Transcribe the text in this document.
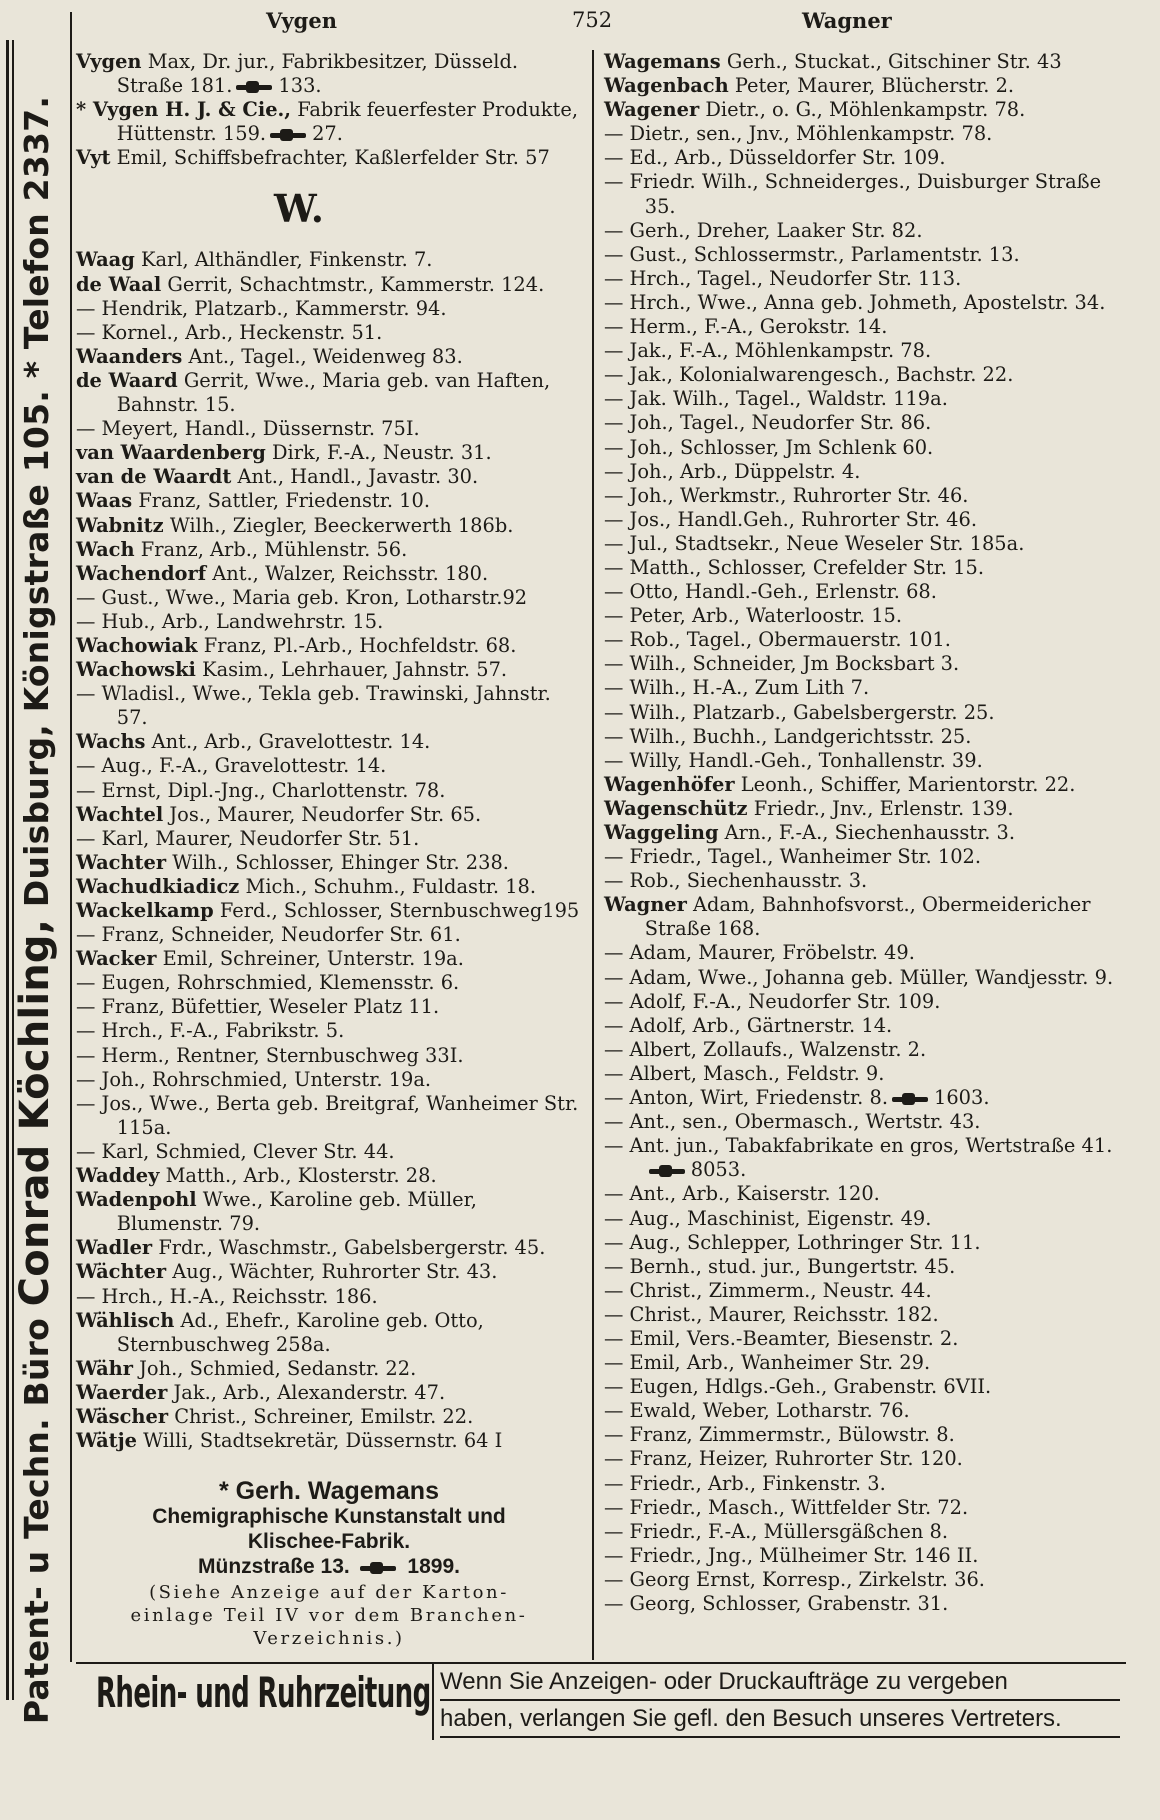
Patent- u Techn. Büro Conrad Köchling, Duisburg, Königstraße 105. * Telefon 2337.
Vygen	752	Wagner
Vygen Max, Dr. jur., Fabrikbesitzer, Düsseld. Straße 181. 133.
* Vygen H. J. & Cie., Fabrik feuerfester Produkte, Hüttenstr. 159. 27.
Vyt Emil, Schiffsbefrachter, Kaßlerfelder Str. 57
W.
Waag Karl, Althändler, Finkenstr. 7.
de Waal Gerrit, Schachtmstr., Kammerstr. 124.
— Hendrik, Platzarb., Kammerstr. 94.
— Kornel., Arb., Heckenstr. 51.
Waanders Ant., Tagel., Weidenweg 83.
de Waard Gerrit, Wwe., Maria geb. van Haften, Bahnstr. 15.
— Meyert, Handl., Düssernstr. 75I.
van Waardenberg Dirk, F.-A., Neustr. 31.
van de Waardt Ant., Handl., Javastr. 30.
Waas Franz, Sattler, Friedenstr. 10.
Wabnitz Wilh., Ziegler, Beeckerwerth 186b.
Wach Franz, Arb., Mühlenstr. 56.
Wachendorf Ant., Walzer, Reichsstr. 180.
— Gust., Wwe., Maria geb. Kron, Lotharstr.92
— Hub., Arb., Landwehrstr. 15.
Wachowiak Franz, Pl.-Arb., Hochfeldstr. 68.
Wachowski Kasim., Lehrhauer, Jahnstr. 57.
— Wladisl., Wwe., Tekla geb. Trawinski, Jahnstr. 57.
Wachs Ant., Arb., Gravelottestr. 14.
— Aug., F.-A., Gravelottestr. 14.
— Ernst, Dipl.-Jng., Charlottenstr. 78.
Wachtel Jos., Maurer, Neudorfer Str. 65.
— Karl, Maurer, Neudorfer Str. 51.
Wachter Wilh., Schlosser, Ehinger Str. 238.
Wachudkiadicz Mich., Schuhm., Fuldastr. 18.
Wackelkamp Ferd., Schlosser, Sternbuschweg195
— Franz, Schneider, Neudorfer Str. 61.
Wacker Emil, Schreiner, Unterstr. 19a.
— Eugen, Rohrschmied, Klemensstr. 6.
— Franz, Büfettier, Weseler Platz 11.
— Hrch., F.-A., Fabrikstr. 5.
— Herm., Rentner, Sternbuschweg 33I.
— Joh., Rohrschmied, Unterstr. 19a.
— Jos., Wwe., Berta geb. Breitgraf, Wanheimer Str. 115a.
— Karl, Schmied, Clever Str. 44.
Waddey Matth., Arb., Klosterstr. 28.
Wadenpohl Wwe., Karoline geb. Müller, Blumenstr. 79.
Wadler Frdr., Waschmstr., Gabelsbergerstr. 45.
Wächter Aug., Wächter, Ruhrorter Str. 43.
— Hrch., H.-A., Reichsstr. 186.
Wählisch Ad., Ehefr., Karoline geb. Otto, Sternbuschweg 258a.
Währ Joh., Schmied, Sedanstr. 22.
Waerder Jak., Arb., Alexanderstr. 47.
Wäscher Christ., Schreiner, Emilstr. 22.
Wätje Willi, Stadtsekretär, Düssernstr. 64 I
* Gerh. Wagemans
Chemigraphische Kunstanstalt und
Klischee-Fabrik.
Münzstraße 13.	1899.
(Siehe Anzeige auf der Karton-
einlage Teil IV vor dem Branchen-
Verzeichnis.)
Wagemans Gerh., Stuckat., Gitschiner Str. 43
Wagenbach Peter, Maurer, Blücherstr. 2.
Wagener Dietr., o. G., Möhlenkampstr. 78.
— Dietr., sen., Jnv., Möhlenkampstr. 78.
— Ed., Arb., Düsseldorfer Str. 109.
— Friedr. Wilh., Schneiderges., Duisburger Straße 35.
— Gerh., Dreher, Laaker Str. 82.
— Gust., Schlossermstr., Parlamentstr. 13.
— Hrch., Tagel., Neudorfer Str. 113.
— Hrch., Wwe., Anna geb. Johmeth, Apostelstr. 34.
— Herm., F.-A., Gerokstr. 14.
— Jak., F.-A., Möhlenkampstr. 78.
— Jak., Kolonialwarengesch., Bachstr. 22.
— Jak. Wilh., Tagel., Waldstr. 119a.
— Joh., Tagel., Neudorfer Str. 86.
— Joh., Schlosser, Jm Schlenk 60.
— Joh., Arb., Düppelstr. 4.
— Joh., Werkmstr., Ruhrorter Str. 46.
— Jos., Handl.Geh., Ruhrorter Str. 46.
— Jul., Stadtsekr., Neue Weseler Str. 185a.
— Matth., Schlosser, Crefelder Str. 15.
— Otto, Handl.-Geh., Erlenstr. 68.
— Peter, Arb., Waterloostr. 15.
— Rob., Tagel., Obermauerstr. 101.
— Wilh., Schneider, Jm Bocksbart 3.
— Wilh., H.-A., Zum Lith 7.
— Wilh., Platzarb., Gabelsbergerstr. 25.
— Wilh., Buchh., Landgerichtsstr. 25.
— Willy, Handl.-Geh., Tonhallenstr. 39.
Wagenhöfer Leonh., Schiffer, Marientorstr. 22.
Wagenschütz Friedr., Jnv., Erlenstr. 139.
Waggeling Arn., F.-A., Siechenhausstr. 3.
— Friedr., Tagel., Wanheimer Str. 102.
— Rob., Siechenhausstr. 3.
Wagner Adam, Bahnhofsvorst., Obermeidericher Straße 168.
— Adam, Maurer, Fröbelstr. 49.
— Adam, Wwe., Johanna geb. Müller, Wandjesstr. 9.
— Adolf, F.-A., Neudorfer Str. 109.
— Adolf, Arb., Gärtnerstr. 14.
— Albert, Zollaufs., Walzenstr. 2.
— Albert, Masch., Feldstr. 9.
— Anton, Wirt, Friedenstr. 8. 1603.
— Ant., sen., Obermasch., Wertstr. 43.
— Ant. jun., Tabakfabrikate en gros, Wertstraße 41.8053.
— Ant., Arb., Kaiserstr. 120.
— Aug., Maschinist, Eigenstr. 49.
— Aug., Schlepper, Lothringer Str. 11.
— Bernh., stud. jur., Bungertstr. 45.
— Christ., Zimmerm., Neustr. 44.
— Christ., Maurer, Reichsstr. 182.
— Emil, Vers.-Beamter, Biesenstr. 2.
— Emil, Arb., Wanheimer Str. 29.
— Eugen, Hdlgs.-Geh., Grabenstr. 6VII.
— Ewald, Weber, Lotharstr. 76.
— Franz, Zimmermstr., Bülowstr. 8.
— Franz, Heizer, Ruhrorter Str. 120.
— Friedr., Arb., Finkenstr. 3.
— Friedr., Masch., Wittfelder Str. 72.
— Friedr., F.-A., Müllersgäßchen 8.
— Friedr., Jng., Mülheimer Str. 146 II.
— Georg Ernst, Korresp., Zirkelstr. 36.
— Georg, Schlosser, Grabenstr. 31.
Rhein- und Ruhrzeitung Wenn Sie Anzeigen- oder Druckaufträge zu vergeben
haben, verlangen Sie gefl. den Besuch unseres Vertreters.
